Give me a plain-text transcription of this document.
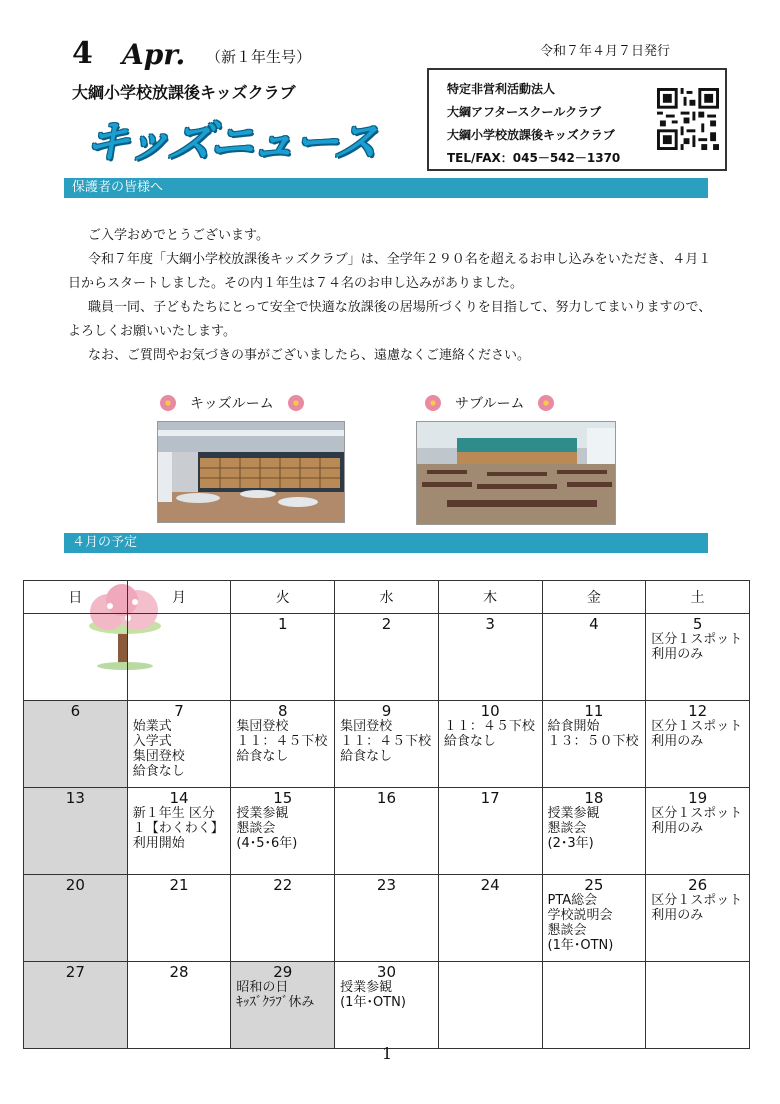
4 Apr. （新１年生号）	令和７年４月７日発行
大綱小学校放課後キッズクラブ
キッズニュース
特定非営利活動法人
大綱アフタースクールクラブ
大綱小学校放課後キッズクラブ
TEL/FAX：045－542－1370
保護者の皆様へ

ご入学おめでとうございます。

令和７年度「大綱小学校放課後キッズクラブ」は、全学年２９０名を超えるお申し込みをいただき、４月１日からスタートしました。その内１年生は７４名のお申し込みがありました。

職員一同、子どもたちにとって安全で快適な放課後の居場所づくりを目指して、努力してまいりますので、よろしくお願いいたします。

なお、ご質問やお気づきの事がございましたら、遠慮なくご連絡ください。

キッズルーム	サブルーム
４月の予定
日	月	火	水	木	金	土

		1	2	3	4	5
区分１スポット利用のみ

6	7
始業式
入学式
集団登校
給食なし	8
集団登校
１１：４５下校
給食なし	9
集団登校
１１：４５下校
給食なし	10
１１：４５下校
給食なし	11
給食開始
１３：５０下校	12
区分１スポット利用のみ

13	14
新１年生 区分１【わくわく】利用開始	15
授業参観
懇談会
(4･5･6年)	16	17	18
授業参観
懇談会
(2･3年)	19
区分１スポット利用のみ

20	21	22	23	24	25
PTA総会
学校説明会
懇談会
(1年･OTN)	26
区分１スポット利用のみ

27	28	29
昭和の日
ｷｯｽﾞｸﾗﾌﾞ休み	30
授業参観
(1年･OTN)			

1
